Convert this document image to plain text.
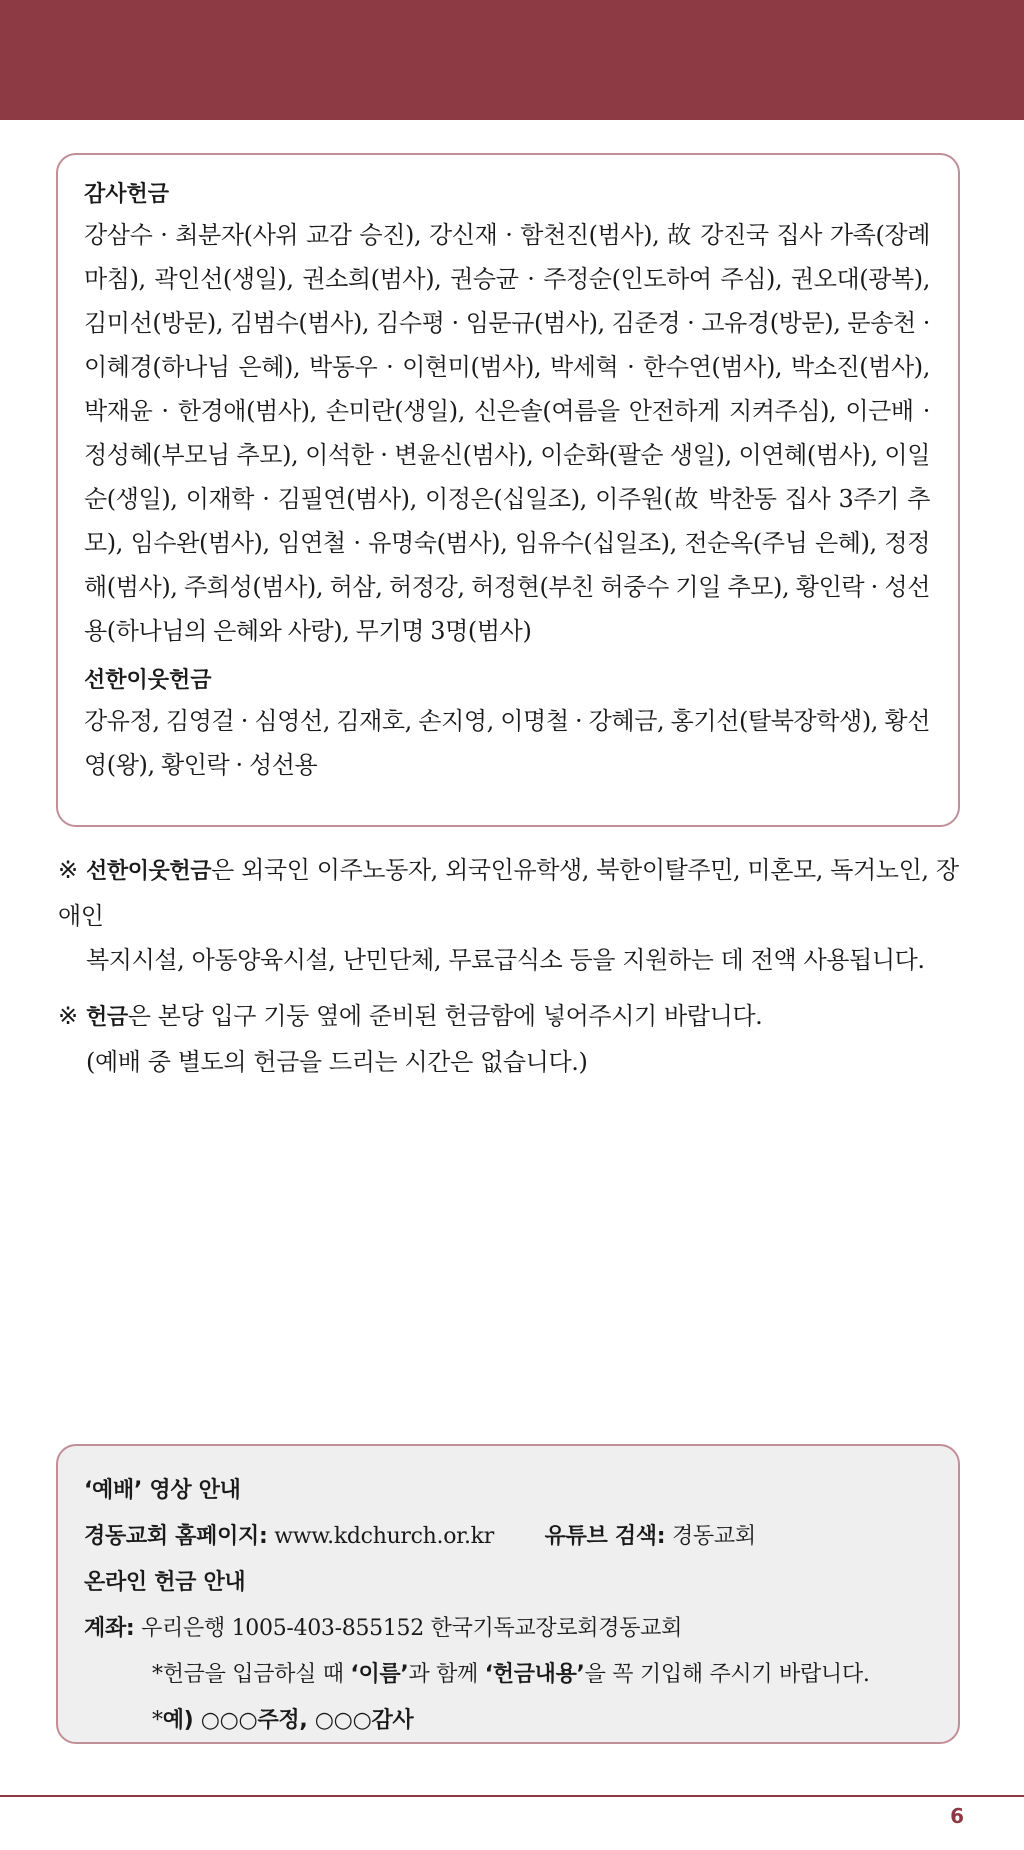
감사헌금

강삼수 · 최분자(사위 교감 승진), 강신재 · 함천진(범사), 故 강진국 집사 가족(장례 마침), 곽인선(생일), 권소희(범사), 권승균 · 주정순(인도하여 주심), 권오대(광복), 김미선(방문), 김범수(범사), 김수평 · 임문규(범사), 김준경 · 고유경(방문), 문송천 · 이혜경(하나님 은혜), 박동우 · 이현미(범사), 박세혁 · 한수연(범사), 박소진(범사), 박재윤 · 한경애(범사), 손미란(생일), 신은솔(여름을 안전하게 지켜주심), 이근배 · 정성혜(부모님 추모), 이석한 · 변윤신(범사), 이순화(팔순 생일), 이연혜(범사), 이일순(생일), 이재학 · 김필연(범사), 이정은(십일조), 이주원(故 박찬동 집사 3주기 추모), 임수완(범사), 임연철 · 유명숙(범사), 임유수(십일조), 전순옥(주님 은혜), 정정해(범사), 주희성(범사), 허삼, 허정강, 허정현(부친 허중수 기일 추모), 황인락 · 성선용(하나님의 은혜와 사랑), 무기명 3명(범사)

선한이웃헌금

강유정, 김영걸 · 심영선, 김재호, 손지영, 이명철 · 강혜금, 홍기선(탈북장학생), 황선영(왕), 황인락 · 성선용

※ 선한이웃헌금은 외국인 이주노동자, 외국인유학생, 북한이탈주민, 미혼모, 독거노인, 장애인
복지시설, 아동양육시설, 난민단체, 무료급식소 등을 지원하는 데 전액 사용됩니다.

※ 헌금은 본당 입구 기둥 옆에 준비된 헌금함에 넣어주시기 바랍니다.
(예배 중 별도의 헌금을 드리는 시간은 없습니다.)

‘예배’ 영상 안내
경동교회 홈페이지: www.kdchurch.or.kr 유튜브 검색: 경동교회
온라인 헌금 안내
계좌: 우리은행 1005-403-855152 한국기독교장로회경동교회
*헌금을 입금하실 때 ‘이름’과 함께 ‘헌금내용’을 꼭 기입해 주시기 바랍니다.
*예) ○○○주정, ○○○감사
6
